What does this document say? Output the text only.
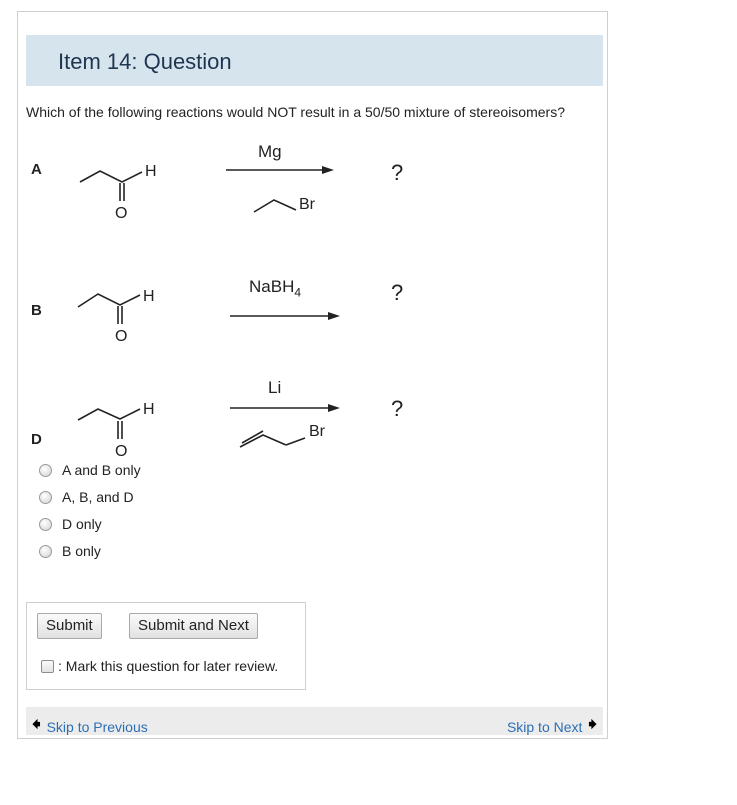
Item 14: Question
Which of the following reactions would NOT result in a 50/50 mixture of stereoisomers?
A	H
O
Mg
Br
?
B
H
O
NaBH$_4$	?
D
H
O
Li
Br
?
A and B only
A, B, and D
D only
B only
Submit	Submit and Next
: Mark this question for later review.
🠸 Skip to Previous	Skip to Next 🠺
